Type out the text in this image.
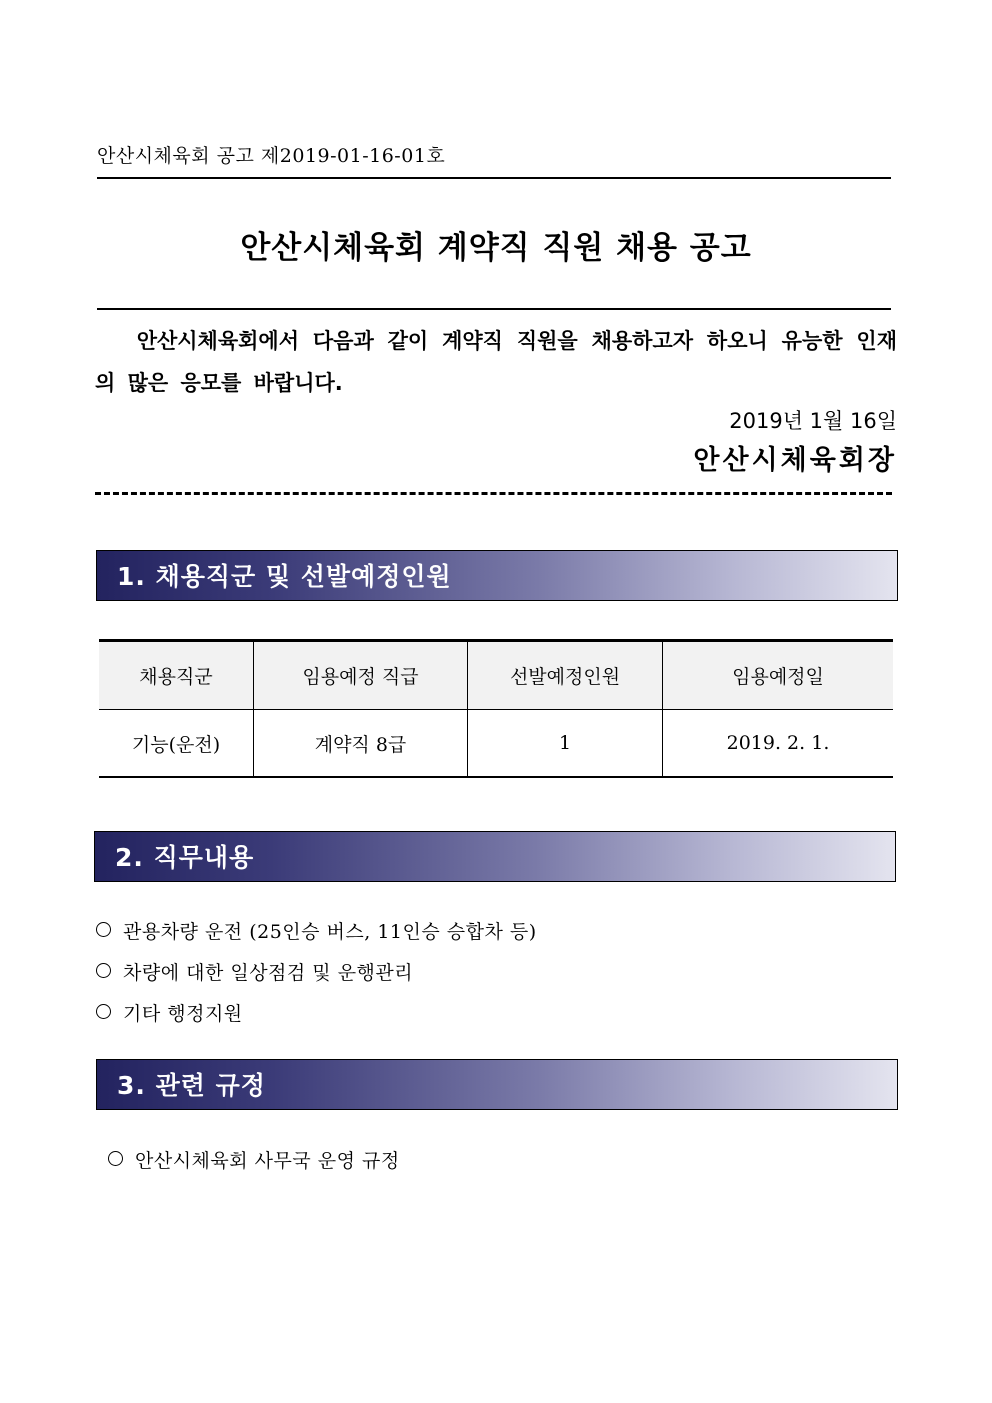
안산시체육회 공고 제2019-01-16-01호
안산시체육회 계약직 직원 채용 공고
안산시체육회에서 다음과 같이 계약직 직원을 채용하고자 하오니 유능한 인재의 많은 응모를 바랍니다.
2019년 1월 16일
안산시체육회장
1. 채용직군 및 선발예정인원
채용직군	임용예정 직급	선발예정인원	임용예정일
기능(운전)	계약직 8급	1	2019. 2. 1.
2. 직무내용
관용차량 운전 (25인승 버스, 11인승 승합차 등)
차량에 대한 일상점검 및 운행관리
기타 행정지원
3. 관련 규정
안산시체육회 사무국 운영 규정
